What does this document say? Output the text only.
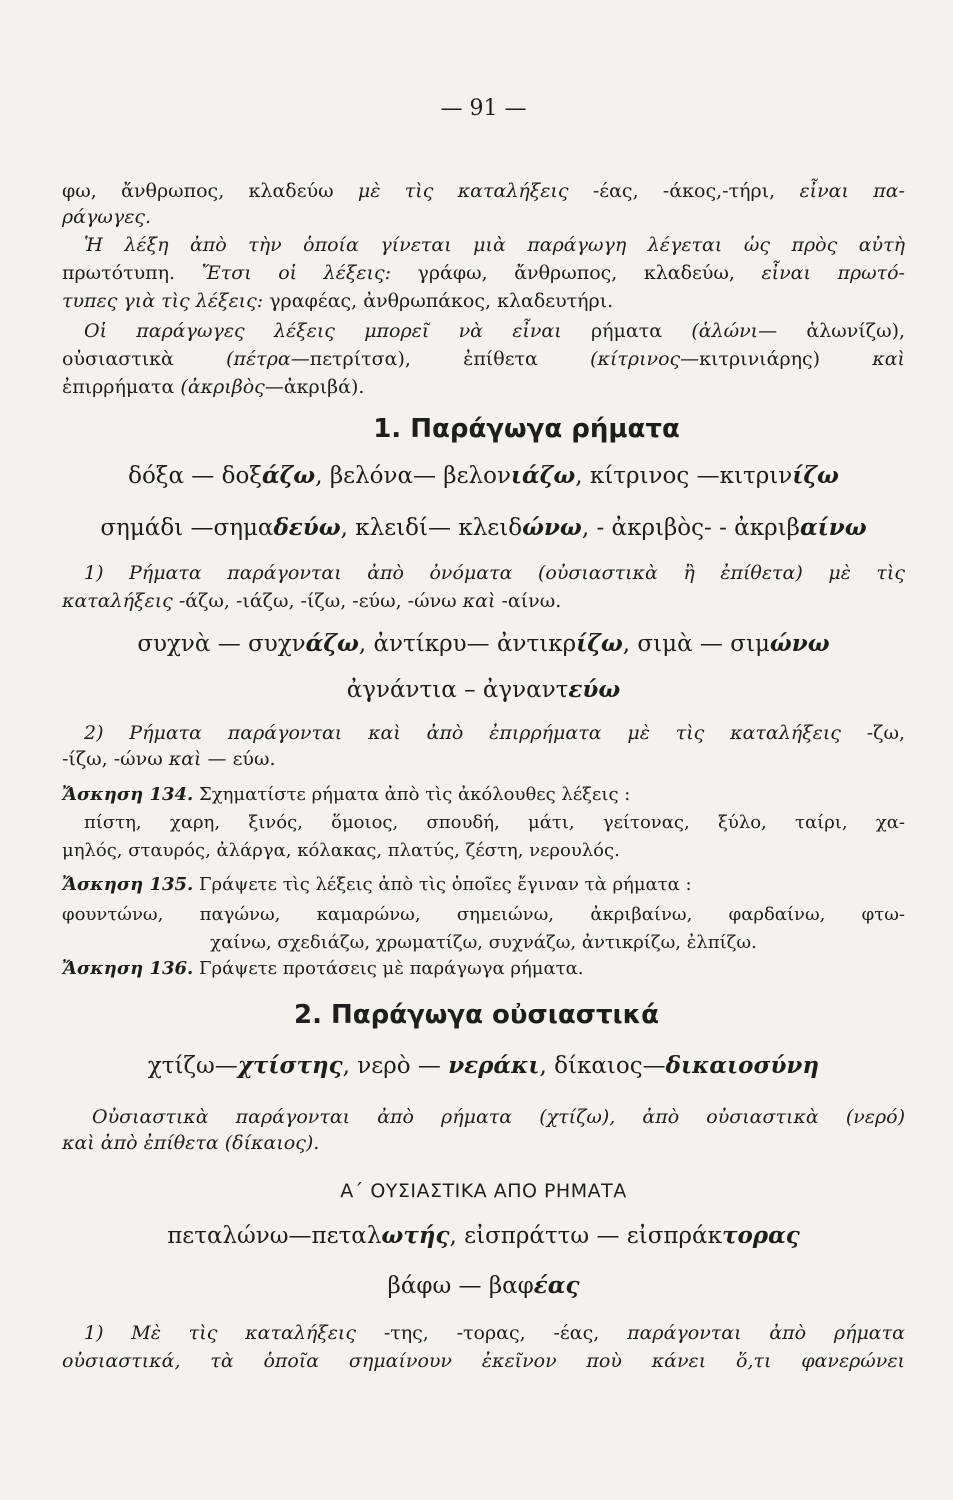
— 91 —
φω, ἄνθρωπος, κλαδεύω μὲ τὶς καταλήξεις -έας, -άκος,-τήρι, εἶναι πα-
ράγωγες.
Ἡ λέξη ἀπὸ τὴν ὁποία γίνεται μιὰ παράγωγη λέγεται ὡς πρὸς αὐτὴ
πρωτότυπη. Ἔτσι οἱ λέξεις: γράφω, ἄνθρωπος, κλαδεύω, εἶναι πρωτό-
τυπες γιὰ τὶς λέξεις: γραφέας, ἀνθρωπάκος, κλαδευτήρι.
Οἱ παράγωγες λέξεις μπορεῖ νὰ εἶναι ρήματα (ἁλώνι— ἁλωνίζω),
οὐσιαστικὰ (πέτρα—πετρίτσα), ἐπίθετα (κίτρινος—κιτρινιάρης) καὶ
ἐπιρρήματα (ἀκριβὸς—ἀκριβά).
1. Παράγωγα ρήματα
δόξα — δοξάζω, βελόνα— βελονιάζω, κίτρινος —κιτρινίζω
σημάδι —σημαδεύω, κλειδί— κλειδώνω, - ἀκριβὸς- - ἀκριβαίνω
1) Ρήματα παράγονται ἀπὸ ὀνόματα (οὐσιαστικὰ ἢ ἐπίθετα) μὲ τὶς
καταλήξεις -άζω, -ιάζω, -ίζω, -εύω, -ώνω καὶ -αίνω.
συχνὰ — συχνάζω, ἀντίκρυ— ἀντικρίζω, σιμὰ — σιμώνω
ἀγνάντια – ἀγναντεύω
2) Ρήματα παράγονται καὶ ἀπὸ ἐπιρρήματα μὲ τὶς καταλήξεις -ζω,
-ίζω, -ώνω καὶ — εύω.
Ἄσκηση 134. Σχηματίστε ρήματα ἀπὸ τὶς ἀκόλουθες λέξεις :
πίστη, χαρη, ξινός, ὅμοιος, σπουδή, μάτι, γείτονας, ξύλο, ταίρι, χα-
μηλός, σταυρός, ἀλάργα, κόλακας, πλατύς, ζέστη, νερουλός.
Ἄσκηση 135. Γράψετε τὶς λέξεις ἀπὸ τὶς ὁποῖες ἔγιναν τὰ ρήματα :
φουντώνω, παγώνω, καμαρώνω, σημειώνω, ἀκριβαίνω, φαρδαίνω, φτω-
χαίνω, σχεδιάζω, χρωματίζω, συχνάζω, ἀντικρίζω, ἐλπίζω.
Ἄσκηση 136. Γράψετε προτάσεις μὲ παράγωγα ρήματα.
2. Παράγωγα οὐσιαστικά
χτίζω—χτίστης, νερὸ — νεράκι, δίκαιος—δικαιοσύνη
Οὐσιαστικὰ παράγονται ἀπὸ ρήματα (χτίζω), ἀπὸ οὐσιαστικὰ (νερό)
καὶ ἀπὸ ἐπίθετα (δίκαιος).
Α΄ ΟΥΣΙΑΣΤΙΚΑ ΑΠΟ ΡΗΜΑΤΑ
πεταλώνω—πεταλωτής, εἰσπράττω — εἰσπράκτορας
βάφω — βαφέας
1) Μὲ τὶς καταλήξεις -της, -τορας, -έας, παράγονται ἀπὸ ρήματα
οὐσιαστικά, τὰ ὁποῖα σημαίνουν ἐκεῖνον ποὺ κάνει ὅ,τι φανερώνει
